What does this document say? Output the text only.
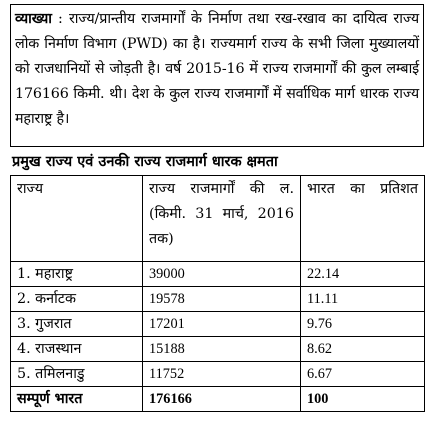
व्याख्या : राज्य/प्रान्तीय राजमार्गों के निर्माण तथा रख-रखाव का दायित्व राज्य लोक निर्माण विभाग (PWD) का है। राज्यमार्ग राज्य के सभी जिला मुख्यालयों को राजधानियों से जोड़ती है। वर्ष 2015-16 में राज्य राजमार्गों की कुल लम्बाई 176166 किमी. थी। देश के कुल राज्य राजमार्गों में सर्वाधिक मार्ग धारक राज्य महाराष्ट्र है।
प्रमुख राज्य एवं उनकी राज्य राजमार्ग धारक क्षमता
राज्य	राज्य राजमार्गों की ल. (किमी. 31 मार्च, 2016 तक)	भारत का प्रतिशत
1. महाराष्ट्र	39000	22.14
2. कर्नाटक	19578	11.11
3. गुजरात	17201	9.76
4. राजस्थान	15188	8.62
5. तमिलनाडु	11752	6.67
सम्पूर्ण भारत	176166	100
